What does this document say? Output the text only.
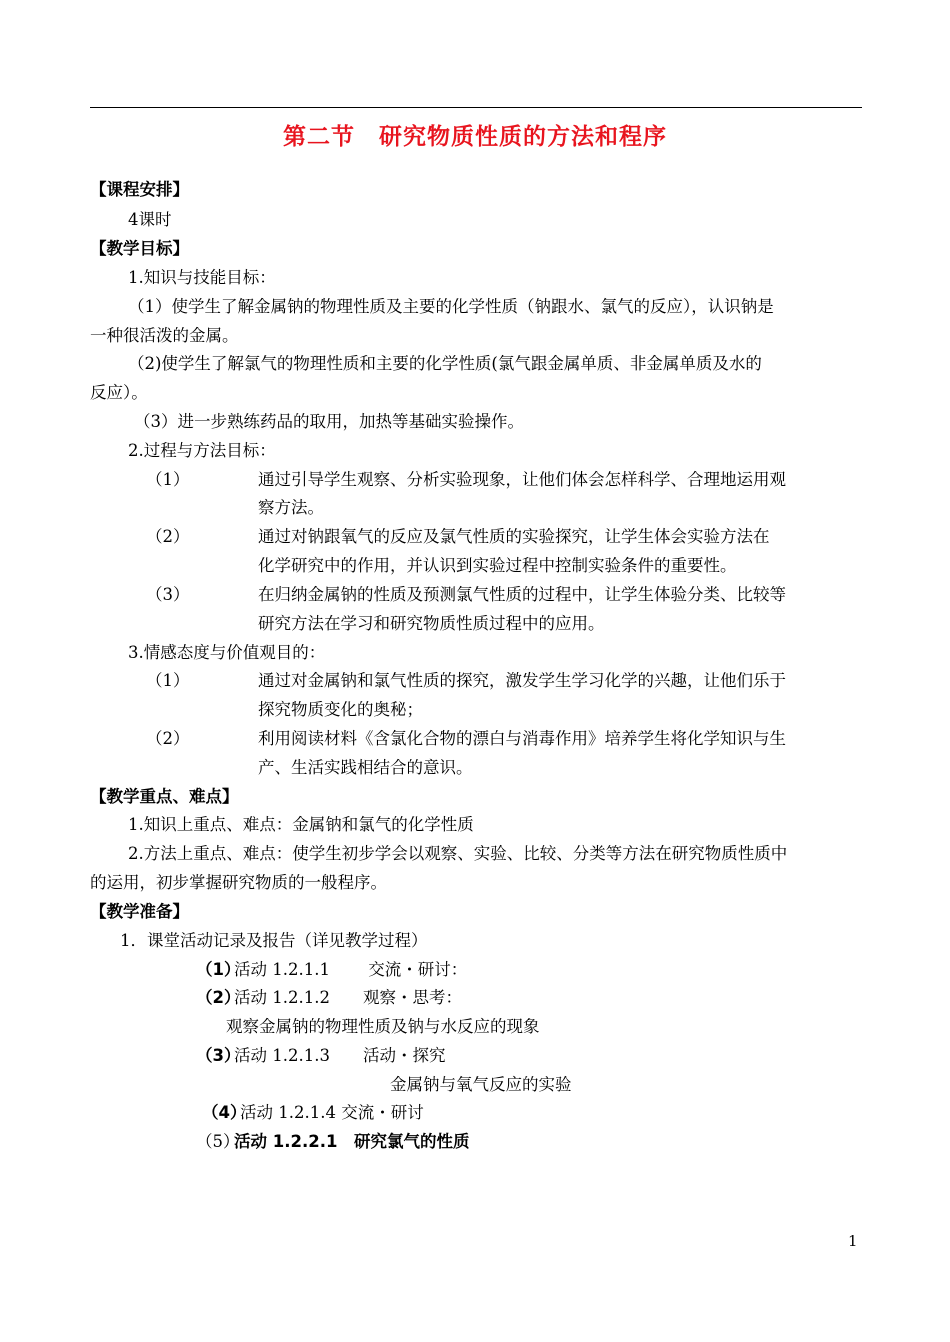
第二节　研究物质性质的方法和程序
【课程安排】
4课时
【教学目标】
1.知识与技能目标：
（1）使学生了解金属钠的物理性质及主要的化学性质（钠跟水、氯气的反应），认识钠是
一种很活泼的金属。
（2)使学生了解氯气的物理性质和主要的化学性质(氯气跟金属单质、非金属单质及水的
反应）。
（3）进一步熟练药品的取用，加热等基础实验操作。
2.过程与方法目标：
（1）	通过引导学生观察、分析实验现象，让他们体会怎样科学、合理地运用观
察方法。
（2）	通过对钠跟氧气的反应及氯气性质的实验探究，让学生体会实验方法在
化学研究中的作用，并认识到实验过程中控制实验条件的重要性。
（3）	在归纳金属钠的性质及预测氯气性质的过程中，让学生体验分类、比较等
研究方法在学习和研究物质性质过程中的应用。
3.情感态度与价值观目的：
（1）	通过对金属钠和氯气性质的探究，激发学生学习化学的兴趣，让他们乐于
探究物质变化的奥秘；
（2）	利用阅读材料《含氯化合物的漂白与消毒作用》培养学生将化学知识与生
产、生活实践相结合的意识。
【教学重点、难点】
1.知识上重点、难点：金属钠和氯气的化学性质
2.方法上重点、难点：使学生初步学会以观察、实验、比较、分类等方法在研究物质性质中
的运用，初步掌握研究物质的一般程序。
【教学准备】
1．课堂活动记录及报告（详见教学过程）
（1）
活动 1.2.1.1　　 交流・研讨：
（2）
活动 1.2.1.2　　观察・思考：
观察金属钠的物理性质及钠与水反应的现象
（3）
活动 1.2.1.3　　活动・探究
金属钠与氧气反应的实验
（4）
活动 1.2.1.4 交流・研讨
（5）
活动 1.2.2.1　研究氯气的性质
1
